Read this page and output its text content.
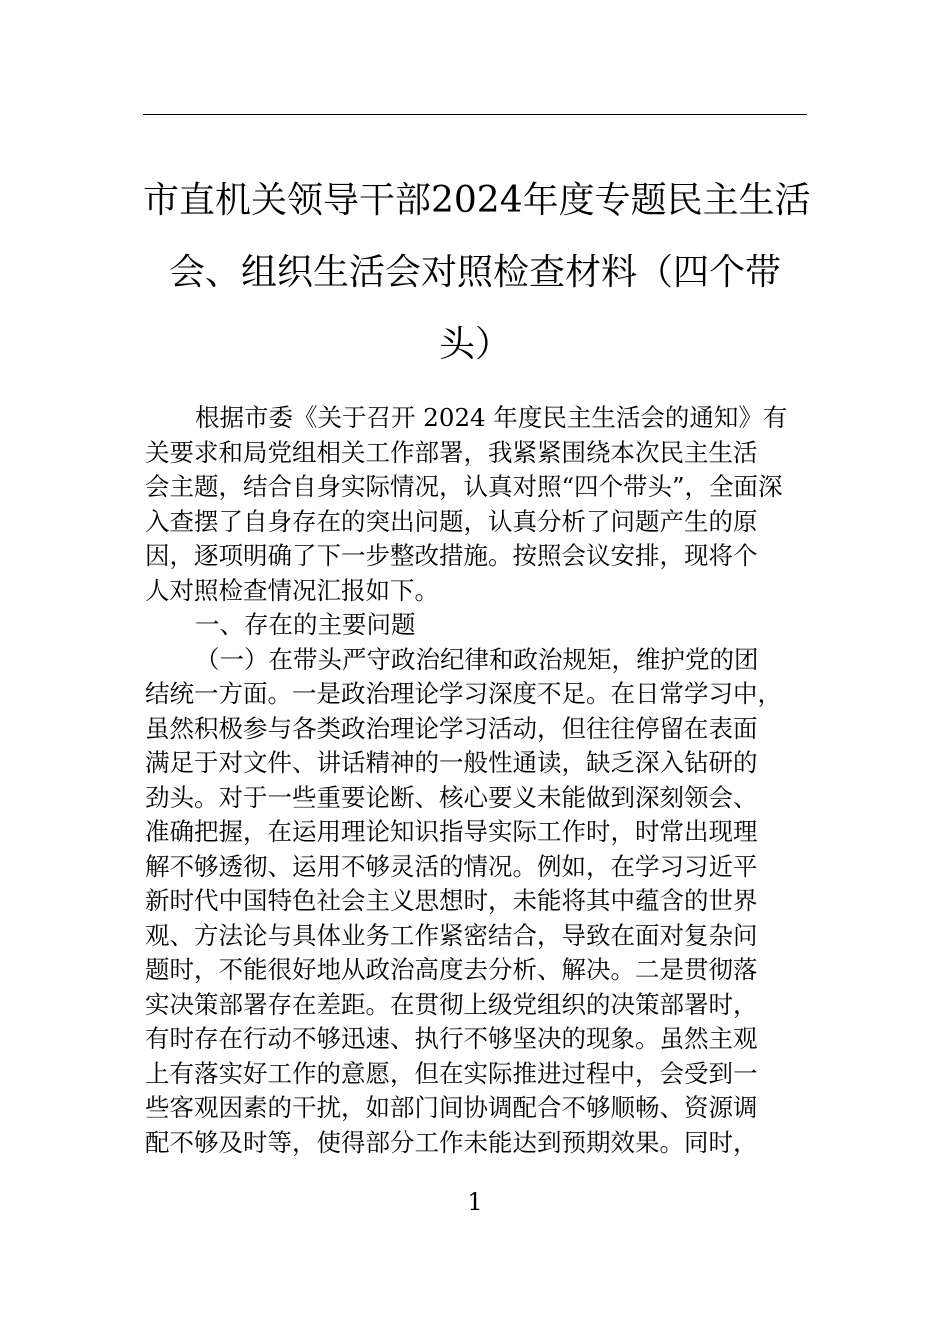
市直机关领导干部2024年度专题民主生活
会、组织生活会对照检查材料（四个带
头）
根据市委《关于召开 2024 年度民主生活会的通知》有
关要求和局党组相关工作部署，我紧紧围绕本次民主生活
会主题，结合自身实际情况，认真对照“四个带头”，全面深
入查摆了自身存在的突出问题，认真分析了问题产生的原
因，逐项明确了下一步整改措施。按照会议安排，现将个
人对照检查情况汇报如下。
一、存在的主要问题
（一）在带头严守政治纪律和政治规矩，维护党的团
结统一方面。一是政治理论学习深度不足。在日常学习中，
虽然积极参与各类政治理论学习活动，但往往停留在表面
满足于对文件、讲话精神的一般性通读，缺乏深入钻研的
劲头。对于一些重要论断、核心要义未能做到深刻领会、
准确把握，在运用理论知识指导实际工作时，时常出现理
解不够透彻、运用不够灵活的情况。例如，在学习习近平
新时代中国特色社会主义思想时，未能将其中蕴含的世界
观、方法论与具体业务工作紧密结合，导致在面对复杂问
题时，不能很好地从政治高度去分析、解决。二是贯彻落
实决策部署存在差距。在贯彻上级党组织的决策部署时，
有时存在行动不够迅速、执行不够坚决的现象。虽然主观
上有落实好工作的意愿，但在实际推进过程中，会受到一
些客观因素的干扰，如部门间协调配合不够顺畅、资源调
配不够及时等，使得部分工作未能达到预期效果。同时，
1
